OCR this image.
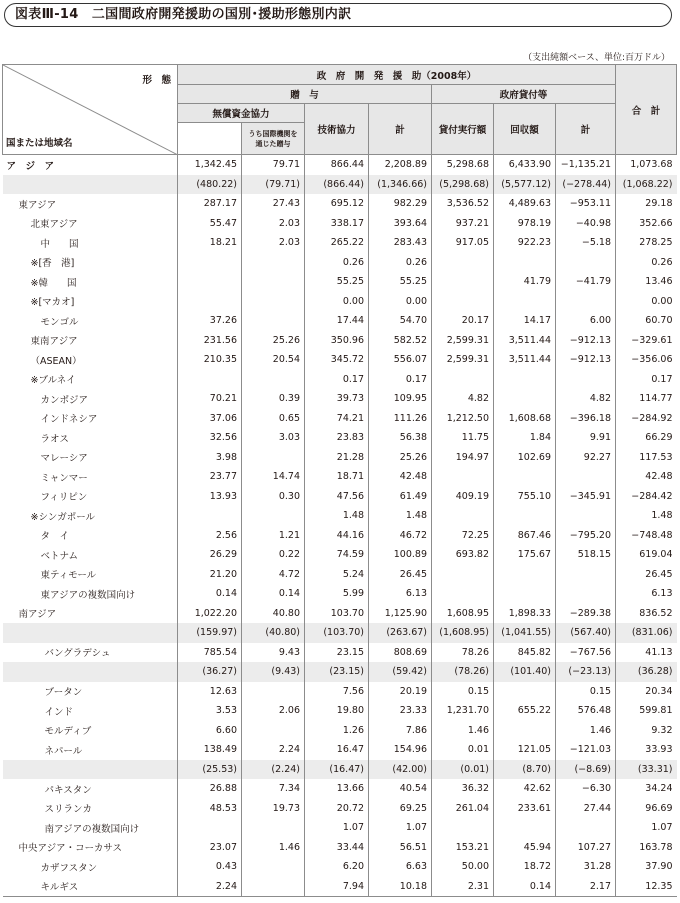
図表Ⅲ-14　二国間政府開発援助の国別･援助形態別内訳
（支出純額ベース、単位:百万ドル）
形　態
国または地域名	政　府　開　発　援　助（2008年）							合　計
	贈　与				政府貸付等			
	無償資金協力		技術協力	計	貸付実行額	回収額	計	

		うち国際機関を通じた贈与						

ア　ジ　ア	1,342.45	79.71	866.44	2,208.89	5,298.68	6,433.90	−1,135.21	1,073.68
	(480.22)	(79.71)	(866.44)	(1,346.66)	(5,298.68)	(5,577.12)	(−278.44)	(1,068.22)
東アジア	287.17	27.43	695.12	982.29	3,536.52	4,489.63	−953.11	29.18
北東アジア	55.47	2.03	338.17	393.64	937.21	978.19	−40.98	352.66
中　　国	18.21	2.03	265.22	283.43	917.05	922.23	−5.18	278.25
※[香　港]			0.26	0.26				0.26
※韓　　国			55.25	55.25		41.79	−41.79	13.46
※[マカオ]			0.00	0.00				0.00
モンゴル	37.26		17.44	54.70	20.17	14.17	6.00	60.70
東南アジア	231.56	25.26	350.96	582.52	2,599.31	3,511.44	−912.13	−329.61
（ASEAN）	210.35	20.54	345.72	556.07	2,599.31	3,511.44	−912.13	−356.06
※ブルネイ			0.17	0.17				0.17
カンボジア	70.21	0.39	39.73	109.95	4.82		4.82	114.77
インドネシア	37.06	0.65	74.21	111.26	1,212.50	1,608.68	−396.18	−284.92
ラオス	32.56	3.03	23.83	56.38	11.75	1.84	9.91	66.29
マレーシア	3.98		21.28	25.26	194.97	102.69	92.27	117.53
ミャンマー	23.77	14.74	18.71	42.48				42.48
フィリピン	13.93	0.30	47.56	61.49	409.19	755.10	−345.91	−284.42
※シンガポール			1.48	1.48				1.48
タ　イ	2.56	1.21	44.16	46.72	72.25	867.46	−795.20	−748.48
ベトナム	26.29	0.22	74.59	100.89	693.82	175.67	518.15	619.04
東ティモール	21.20	4.72	5.24	26.45				26.45
東アジアの複数国向け	0.14	0.14	5.99	6.13				6.13
南アジア	1,022.20	40.80	103.70	1,125.90	1,608.95	1,898.33	−289.38	836.52
	(159.97)	(40.80)	(103.70)	(263.67)	(1,608.95)	(1,041.55)	(567.40)	(831.06)
バングラデシュ	785.54	9.43	23.15	808.69	78.26	845.82	−767.56	41.13
	(36.27)	(9.43)	(23.15)	(59.42)	(78.26)	(101.40)	(−23.13)	(36.28)
ブータン	12.63		7.56	20.19	0.15		0.15	20.34
インド	3.53	2.06	19.80	23.33	1,231.70	655.22	576.48	599.81
モルディブ	6.60		1.26	7.86	1.46		1.46	9.32
ネパール	138.49	2.24	16.47	154.96	0.01	121.05	−121.03	33.93
	(25.53)	(2.24)	(16.47)	(42.00)	(0.01)	(8.70)	(−8.69)	(33.31)
パキスタン	26.88	7.34	13.66	40.54	36.32	42.62	−6.30	34.24
スリランカ	48.53	19.73	20.72	69.25	261.04	233.61	27.44	96.69
南アジアの複数国向け			1.07	1.07				1.07
中央アジア・コーカサス	23.07	1.46	33.44	56.51	153.21	45.94	107.27	163.78
カザフスタン	0.43		6.20	6.63	50.00	18.72	31.28	37.90
キルギス	2.24		7.94	10.18	2.31	0.14	2.17	12.35
